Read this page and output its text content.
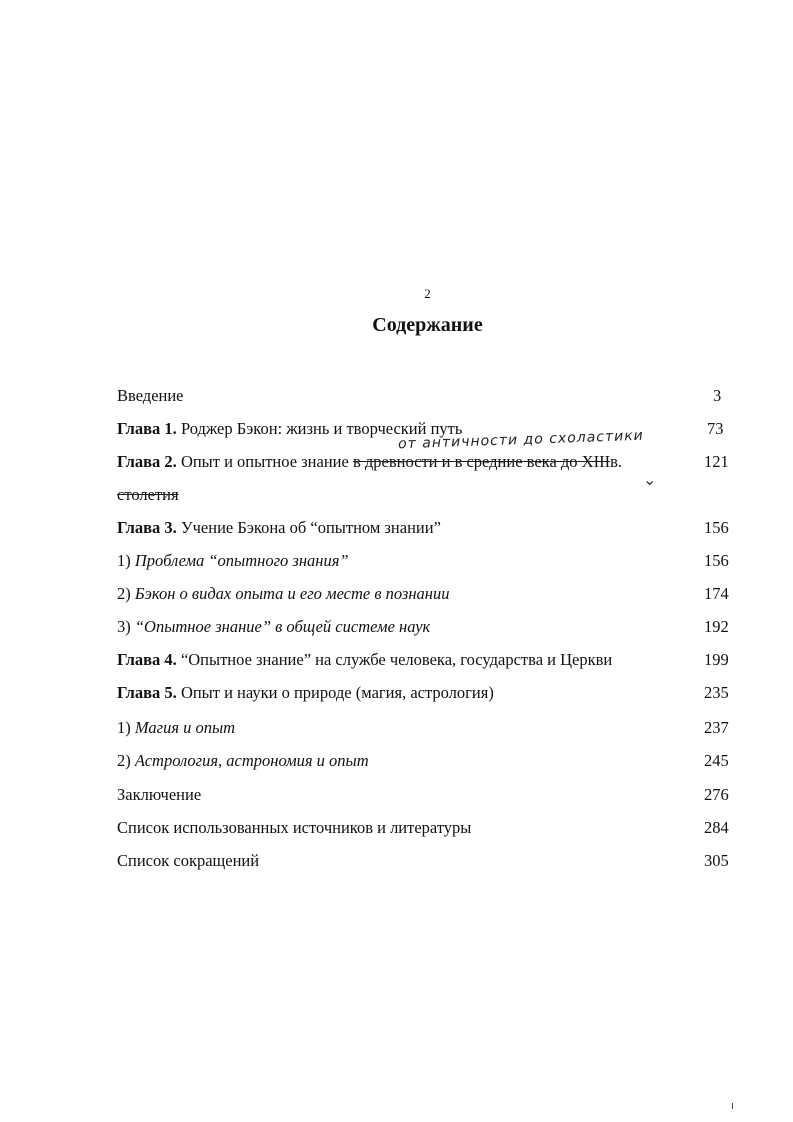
2
Содержание
Введение	3
Глава 1. Роджер Бэкон: жизнь и творческий путь	73
от античности до схоластики
⌄
Глава 2. Опыт и опытное знание в древности и в средние века до XIIIв.	121
столетия
Глава 3. Учение Бэкона об “опытном знании”	156
1) Проблема “опытного знания”	156
2) Бэкон о видах опыта и его месте в познании	174
3) “Опытное знание” в общей системе наук	192
Глава 4. “Опытное знание” на службе человека, государства и Церкви	199
Глава 5. Опыт и науки о природе (магия, астрология)	235
1) Магия и опыт	237
2) Астрология, астрономия и опыт	245
Заключение	276
Список использованных источников и литературы	284
Список сокращений	305
